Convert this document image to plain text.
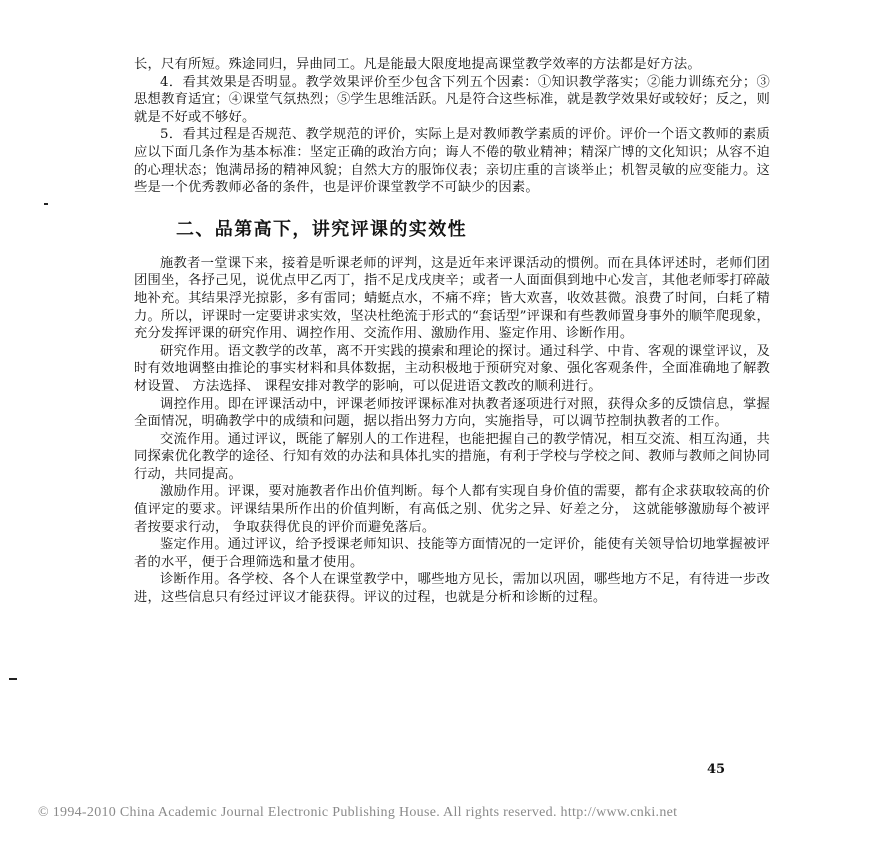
长，尺有所短。殊途同归，异曲同工。凡是能最大限度地提高课堂教学效率的方法都是好方法。

4．看其效果是否明显。教学效果评价至少包含下列五个因素：①知识教学落实；②能力训练充分；③思想教育适宜；④课堂气氛热烈；⑤学生思维活跃。凡是符合这些标准，就是教学效果好或较好；反之，则就是不好或不够好。

5．看其过程是否规范、教学规范的评价，实际上是对教师教学素质的评价。评价一个语文教师的素质应以下面几条作为基本标准：坚定正确的政治方向；诲人不倦的敬业精神；精深广博的文化知识；从容不迫的心理状态；饱满昂扬的精神风貌；自然大方的服饰仪表；亲切庄重的言谈举止；机智灵敏的应变能力。这些是一个优秀教师必备的条件，也是评价课堂教学不可缺少的因素。

二、品第高下，讲究评课的实效性

施教者一堂课下来，接着是听课老师的评判，这是近年来评课活动的惯例。而在具体评述时，老师们团团围坐，各抒己见，说优点甲乙丙丁，指不足戊戌庚辛；或者一人面面俱到地中心发言，其他老师零打碎敲地补充。其结果浮光掠影，多有雷同；蜻蜓点水，不痛不痒；皆大欢喜，收效甚微。浪费了时间，白耗了精力。所以，评课时一定要讲求实效，坚决杜绝流于形式的“套话型”评课和有些教师置身事外的顺竿爬现象，充分发挥评课的研究作用、调控作用、交流作用、激励作用、鉴定作用、诊断作用。

研究作用。语文教学的改革，离不开实践的摸索和理论的探讨。通过科学、中肯、客观的课堂评议，及时有效地调整由推论的事实材料和具体数据，主动积极地于预研究对象、强化客观条件，全面准确地了解教材设置、 方法选择、 课程安排对教学的影响，可以促进语文教改的顺利进行。

调控作用。即在评课活动中，评课老师按评课标准对执教者逐项进行对照，获得众多的反馈信息，掌握全面情况，明确教学中的成绩和问题，据以指出努力方向，实施指导，可以调节控制执教者的工作。

交流作用。通过评议，既能了解别人的工作进程，也能把握自己的教学情况，相互交流、相互沟通，共同探索优化教学的途径、行知有效的办法和具体扎实的措施，有利于学校与学校之间、教师与教师之间协同行动，共同提高。

激励作用。评课，要对施教者作出价值判断。每个人都有实现自身价值的需要，都有企求获取较高的价值评定的要求。评课结果所作出的价值判断，有高低之别、优劣之异、好差之分， 这就能够激励每个被评者按要求行动， 争取获得优良的评价而避免落后。

鉴定作用。通过评议，给予授课老师知识、技能等方面情况的一定评价，能使有关领导恰切地掌握被评者的水平，便于合理筛选和量才使用。

诊断作用。各学校、各个人在课堂教学中，哪些地方见长，需加以巩固，哪些地方不足，有待进一步改进，这些信息只有经过评议才能获得。评议的过程，也就是分析和诊断的过程。

45
© 1994-2010 China Academic Journal Electronic Publishing House. All rights reserved. http://www.cnki.net
